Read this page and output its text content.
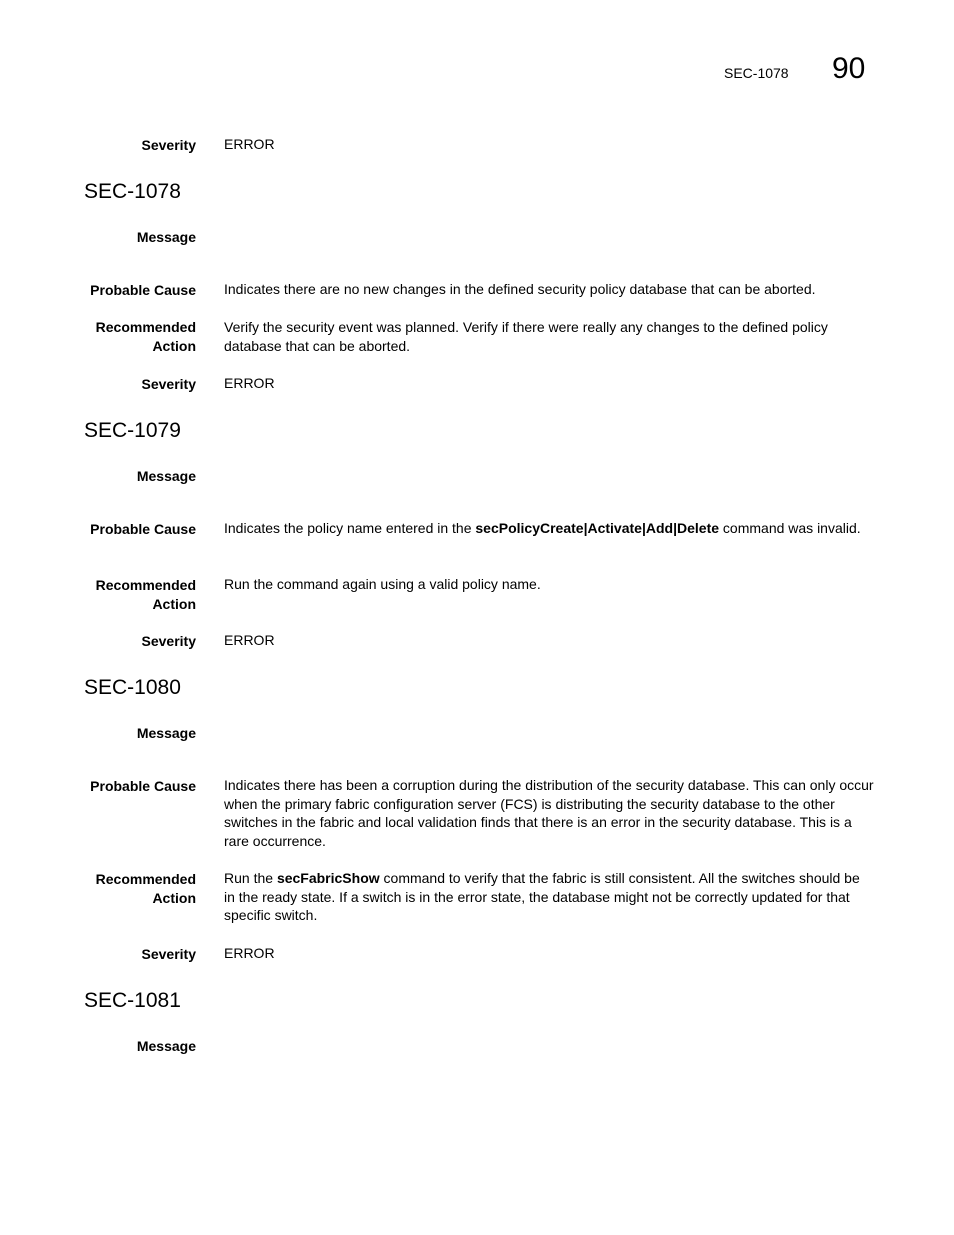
SEC-1078 90
Severity ERROR
SEC-1078
Message
Probable Cause Indicates there are no new changes in the defined security policy database that can be aborted.
Recommended
Action
Verify the security event was planned. Verify if there were really any changes to the defined policy database that can be aborted.
Severity ERROR
SEC-1079
Message
Probable Cause Indicates the policy name entered in the secPolicyCreate|Activate|Add|Delete command was invalid.
Recommended
Action
Run the command again using a valid policy name.
Severity ERROR
SEC-1080
Message
Probable Cause Indicates there has been a corruption during the distribution of the security database. This can only occur when the primary fabric configuration server (FCS) is distributing the security database to the other switches in the fabric and local validation finds that there is an error in the security database. This is a rare occurrence.
Recommended
Action
Run the secFabricShow command to verify that the fabric is still consistent. All the switches should be in the ready state. If a switch is in the error state, the database might not be correctly updated for that specific switch.
Severity ERROR
SEC-1081
Message
